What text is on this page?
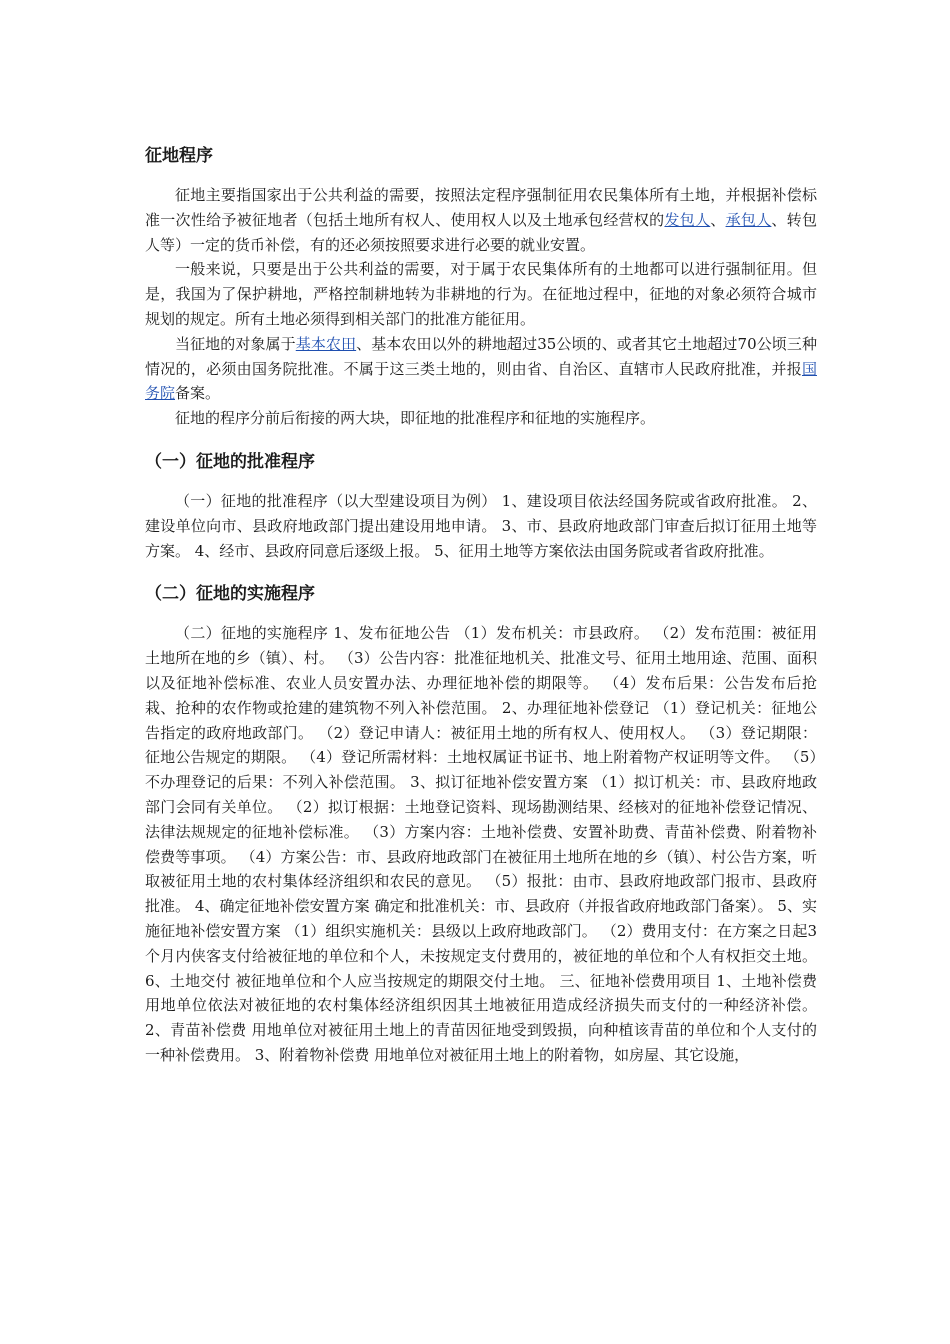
征地程序

征地主要指国家出于公共利益的需要，按照法定程序强制征用农民集体所有土地，并根据补偿标准一次性给予被征地者（包括土地所有权人、使用权人以及土地承包经营权的发包人、承包人、转包人等）一定的货币补偿，有的还必须按照要求进行必要的就业安置。

一般来说，只要是出于公共利益的需要，对于属于农民集体所有的土地都可以进行强制征用。但是，我国为了保护耕地，严格控制耕地转为非耕地的行为。在征地过程中，征地的对象必须符合城市规划的规定。所有土地必须得到相关部门的批准方能征用。

当征地的对象属于基本农田、基本农田以外的耕地超过35公顷的、或者其它土地超过70公顷三种情况的，必须由国务院批准。不属于这三类土地的，则由省、自治区、直辖市人民政府批准，并报国务院备案。

征地的程序分前后衔接的两大块，即征地的批准程序和征地的实施程序。

（一）征地的批准程序

（一）征地的批准程序（以大型建设项目为例） 1、建设项目依法经国务院或省政府批准。 2、建设单位向市、县政府地政部门提出建设用地申请。 3、市、县政府地政部门审查后拟订征用土地等方案。 4、经市、县政府同意后逐级上报。 5、征用土地等方案依法由国务院或者省政府批准。

（二）征地的实施程序

（二）征地的实施程序 1、发布征地公告 （1）发布机关：市县政府。 （2）发布范围：被征用土地所在地的乡（镇）、村。 （3）公告内容：批准征地机关、批准文号、征用土地用途、范围、面积以及征地补偿标准、农业人员安置办法、办理征地补偿的期限等。 （4）发布后果：公告发布后抢栽、抢种的农作物或抢建的建筑物不列入补偿范围。 2、办理征地补偿登记 （1）登记机关：征地公告指定的政府地政部门。 （2）登记申请人：被征用土地的所有权人、使用权人。 （3）登记期限：征地公告规定的期限。 （4）登记所需材料：土地权属证书证书、地上附着物产权证明等文件。 （5）不办理登记的后果：不列入补偿范围。 3、拟订征地补偿安置方案 （1）拟订机关：市、县政府地政部门会同有关单位。 （2）拟订根据：土地登记资料、现场勘测结果、经核对的征地补偿登记情况、法律法规规定的征地补偿标准。 （3）方案内容：土地补偿费、安置补助费、青苗补偿费、附着物补偿费等事项。 （4）方案公告：市、县政府地政部门在被征用土地所在地的乡（镇）、村公告方案，听取被征用土地的农村集体经济组织和农民的意见。 （5）报批：由市、县政府地政部门报市、县政府批准。 4、确定征地补偿安置方案 确定和批准机关：市、县政府（并报省政府地政部门备案）。 5、实施征地补偿安置方案 （1）组织实施机关：县级以上政府地政部门。 （2）费用支付：在方案之日起3个月内侠客支付给被征地的单位和个人，未按规定支付费用的，被征地的单位和个人有权拒交土地。 6、土地交付 被征地单位和个人应当按规定的期限交付土地。 三、征地补偿费用项目 1、土地补偿费 用地单位依法对被征地的农村集体经济组织因其土地被征用造成经济损失而支付的一种经济补偿。 2、青苗补偿费 用地单位对被征用土地上的青苗因征地受到毁损，向种植该青苗的单位和个人支付的一种补偿费用。 3、附着物补偿费 用地单位对被征用土地上的附着物，如房屋、其它设施，
